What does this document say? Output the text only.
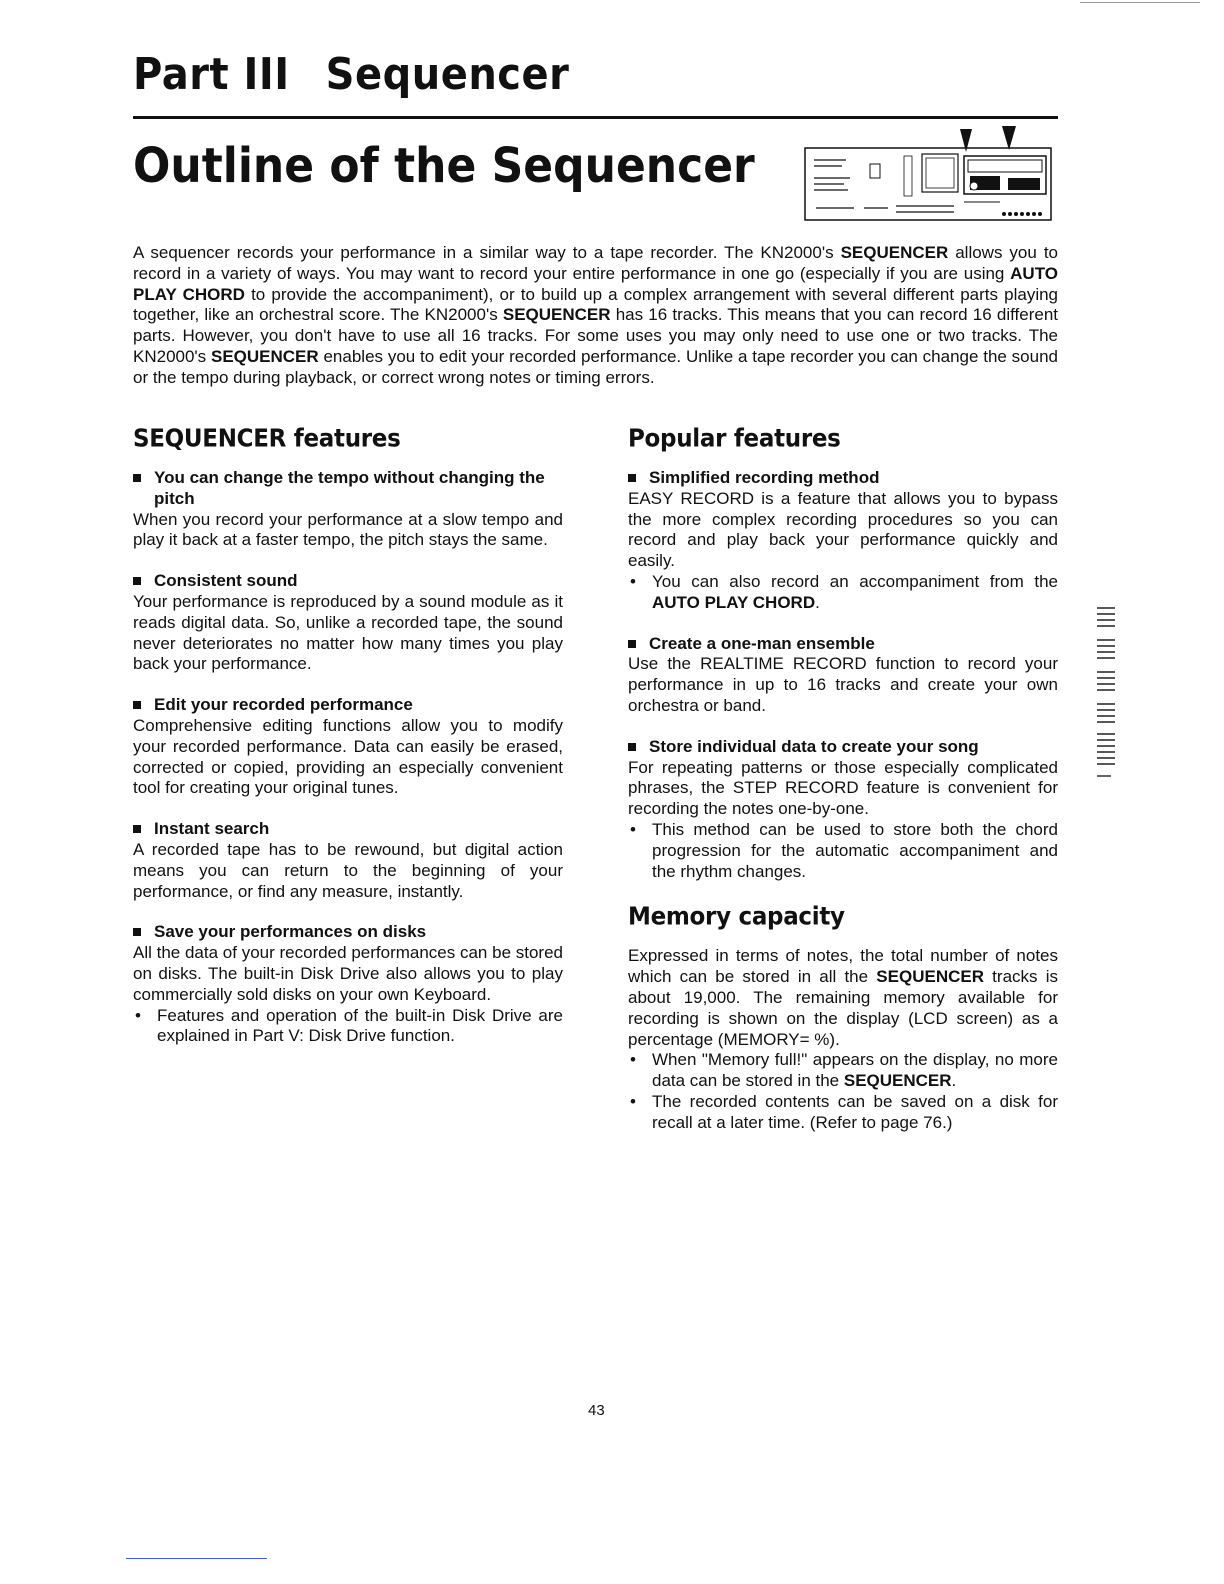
Part III Sequencer
Outline of the Sequencer
A sequencer records your performance in a similar way to a tape recorder. The KN2000's SEQUENCER allows you to record in a variety of ways. You may want to record your entire performance in one go (especially if you are using AUTO PLAY CHORD to provide the accompaniment), or to build up a complex arrangement with several different parts playing together, like an orchestral score. The KN2000's SEQUENCER has 16 tracks. This means that you can record 16 different parts. However, you don't have to use all 16 tracks. For some uses you may only need to use one or two tracks. The KN2000's SEQUENCER enables you to edit your recorded performance. Unlike a tape recorder you can change the sound or the tempo during playback, or correct wrong notes or timing errors.
SEQUENCER features
You can change the tempo without changing the pitch
When you record your performance at a slow tempo and play it back at a faster tempo, the pitch stays the same.
Consistent sound
Your performance is reproduced by a sound module as it reads digital data. So, unlike a recorded tape, the sound never deteriorates no matter how many times you play back your performance.
Edit your recorded performance
Comprehensive editing functions allow you to modify your recorded performance. Data can easily be erased, corrected or copied, providing an especially convenient tool for creating your original tunes.
Instant search
A recorded tape has to be rewound, but digital action means you can return to the beginning of your performance, or find any measure, instantly.
Save your performances on disks
All the data of your recorded performances can be stored on disks. The built-in Disk Drive also allows you to play commercially sold disks on your own Keyboard.
• Features and operation of the built-in Disk Drive are explained in Part V: Disk Drive function.
Popular features
Simplified recording method
EASY RECORD is a feature that allows you to bypass the more complex recording procedures so you can record and play back your performance quickly and easily.
• You can also record an accompaniment from the AUTO PLAY CHORD.
Create a one-man ensemble
Use the REALTIME RECORD function to record your performance in up to 16 tracks and create your own orchestra or band.
Store individual data to create your song
For repeating patterns or those especially complicated phrases, the STEP RECORD feature is convenient for recording the notes one-by-one.
• This method can be used to store both the chord progression for the automatic accompaniment and the rhythm changes.
Memory capacity
Expressed in terms of notes, the total number of notes which can be stored in all the SEQUENCER tracks is about 19,000. The remaining memory available for recording is shown on the display (LCD screen) as a percentage (MEMORY= %).
• When "Memory full!" appears on the display, no more data can be stored in the SEQUENCER.
• The recorded contents can be saved on a disk for recall at a later time. (Refer to page 76.)
43
